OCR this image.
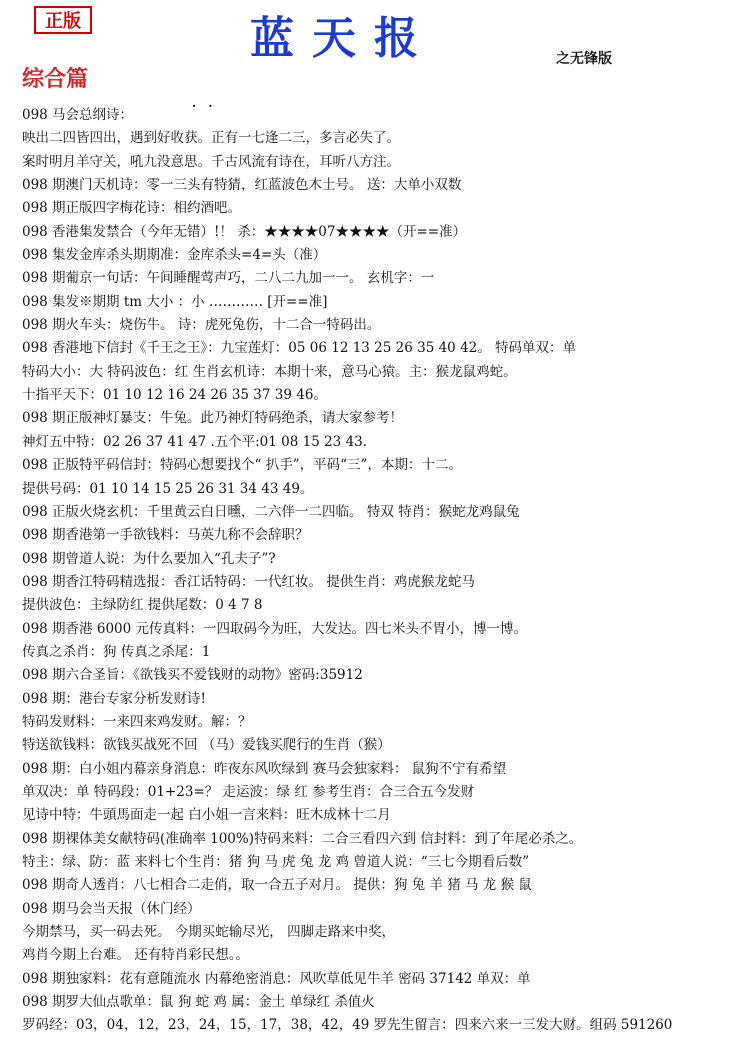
正版	蓝天报	之无锋版
综合篇
. .
098 马会总纲诗：
映出二四皆四出，遇到好收获。正有一七逢二三，多言必失了。
案时明月羊守关，吼九没意思。千古风流有诗在，耳听八方注。
098 期澳门天机诗：零一三头有特猜，红蓝波色木土号。 送：大单小双数
098 期正版四字梅花诗：相约酒吧。
098 香港集发禁合（今年无错）!！ 杀：★★★★07★★★★（开==准）
098 集发金库杀头期期准：金库杀头=4=头（准）
098 期葡京一句话：午间睡醒莺声巧，二八二九加一一。 玄机字：一
098 集发※期期 tm 大小 ：小 ………… [开==准]
098 期火车头：烧伤牛。 诗：虎死兔伤，十二合一特码出。
098 香港地下信封《千王之王》：九宝莲灯：05 06 12 13 25 26 35 40 42。 特码单双：单
特码大小：大 特码波色：红 生肖玄机诗：本期十来，意马心猿。主：猴龙鼠鸡蛇。
十指平天下：01 10 12 16 24 26 35 37 39 46。
098 期正版神灯暴支：牛兔。此乃神灯特码绝杀，请大家参考！
神灯五中特：02 26 37 41 47 .五个平:01 08 15 23 43.
098 正版特平码信封：特码心想要找个“ 扒手”，平码“三”，本期：十二。
提供号码：01 10 14 15 25 26 31 34 43 49。
098 正版火烧玄机：千里黄云白日曛，二六伴一二四临。 特双 特肖：猴蛇龙鸡鼠兔
098 期香港第一手欲钱料：马英九称不会辞职？
098 期曾道人说：为什么要加入“孔夫子”?
098 期香江特码精选报：香江话特码：一代红妆。 提供生肖：鸡虎猴龙蛇马
提供波色：主绿防红 提供尾数：0 4 7 8
098 期香港 6000 元传真料：一四取码今为旺，大发达。四七米头不胃小，博一博。
传真之杀肖：狗 传真之杀尾：1
098 期六合圣旨：《欲钱买不爱钱财的动物》密码:35912
098 期：港台专家分析发财诗!
特码发财料：一来四来鸡发财。解：？
特送欲钱料：欲钱买战死不回 （马）爱钱买爬行的生肖（猴）
098 期：白小姐内幕亲身消息：昨夜东风吹绿到 赛马会独家料： 鼠狗不宁有希望
单双决：单 特码段：01+23=？ 走运波：绿 红 参考生肖：合三合五今发财
见诗中特：牛頭馬面走一起 白小姐一言来料：旺木成林十二月
098 期裸体美女献特码(准确率 100%)特码来料：二合三看四六到 信封料：到了年尾必杀之。
特主：绿、防：蓝 来料七个生肖：猪 狗 马 虎 兔 龙 鸡 曾道人说：“三七今期看后数”
098 期奇人透肖：八七相合二走俏，取一合五子对月。 提供：狗 兔 羊 猪 马 龙 猴 鼠
098 期马会当天报（休门经）
今期禁马，买一码去死。 今期买蛇输尽光， 四脚走路来中奖，
鸡肖今期上台难。 还有特肖彩民想。。
098 期独家料：花有意随流水 内幕绝密消息：风吹草低见牛羊 密码 37142 单双：单
098 期罗大仙点歌单：鼠 狗 蛇 鸡 属：金土 单绿红 杀值火
罗码经：03，04，12，23，24，15，17，38，42，49 罗先生留言：四来六来一三发大财。组码 591260
